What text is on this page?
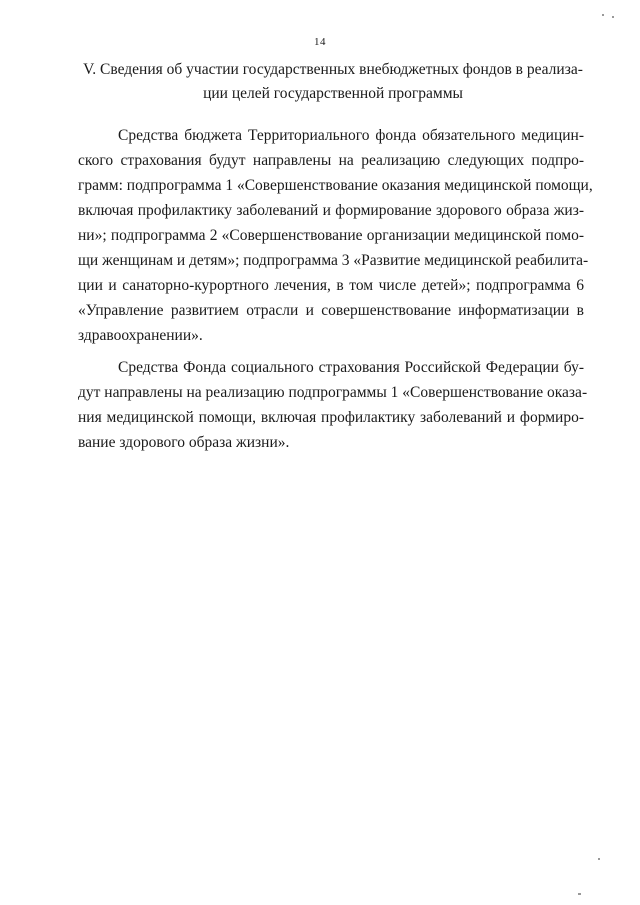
14
V. Сведения об участии государственных внебюджетных фондов в реализа-
ции целей государственной программы
Средства бюджета Территориального фонда обязательного медицин-
ского страхования будут направлены на реализацию следующих подпро-
грамм: подпрограмма 1 «Совершенствование оказания медицинской помощи,
включая профилактику заболеваний и формирование здорового образа жиз-
ни»; подпрограмма 2 «Совершенствование организации медицинской помо-
щи женщинам и детям»; подпрограмма 3 «Развитие медицинской реабилита-
ции и санаторно-курортного лечения, в том числе детей»; подпрограмма 6
«Управление развитием отрасли и совершенствование информатизации в
здравоохранении».
Средства Фонда социального страхования Российской Федерации бу-
дут направлены на реализацию подпрограммы 1 «Совершенствование оказа-
ния медицинской помощи, включая профилактику заболеваний и формиро-
вание здорового образа жизни».
